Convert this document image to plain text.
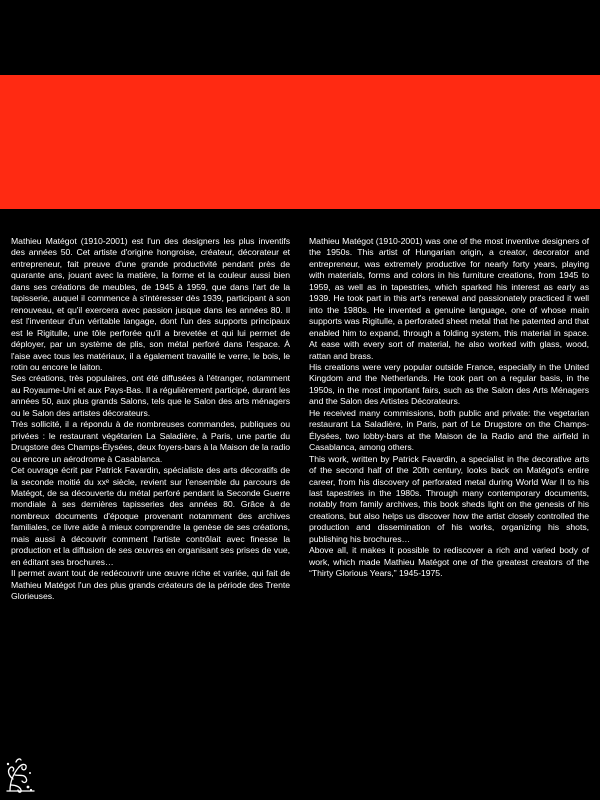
Mathieu Matégot (1910-2001) est l'un des designers les plus inventifs des années 50. Cet artiste d'origine hongroise, créateur, décorateur et entrepreneur, fait preuve d'une grande productivité pendant près de quarante ans, jouant avec la matière, la forme et la couleur aussi bien dans ses créations de meubles, de 1945 à 1959, que dans l'art de la tapisserie, auquel il commence à s'intéresser dès 1939, participant à son renouveau, et qu'il exercera avec passion jusque dans les années 80. Il est l'inventeur d'un véritable langage, dont l'un des supports principaux est le Rigitulle, une tôle perforée qu'il a brevetée et qui lui permet de déployer, par un système de plis, son métal perforé dans l'espace. À l'aise avec tous les matériaux, il a également travaillé le verre, le bois, le rotin ou encore le laiton.

Ses créations, très populaires, ont été diffusées à l'étranger, notamment au Royaume-Uni et aux Pays-Bas. Il a régulièrement participé, durant les années 50, aux plus grands Salons, tels que le Salon des arts ménagers ou le Salon des artistes décorateurs.

Très sollicité, il a répondu à de nombreuses commandes, publiques ou privées : le restaurant végétarien La Saladière, à Paris, une partie du Drugstore des Champs-Élysées, deux foyers-bars à la Maison de la radio ou encore un aérodrome à Casablanca.

Cet ouvrage écrit par Patrick Favardin, spécialiste des arts décoratifs de la seconde moitié du xxᵉ siècle, revient sur l'ensemble du parcours de Matégot, de sa découverte du métal perforé pendant la Seconde Guerre mondiale à ses dernières tapisseries des années 80. Grâce à de nombreux documents d'époque provenant notamment des archives familiales, ce livre aide à mieux comprendre la genèse de ses créations, mais aussi à découvrir comment l'artiste contrôlait avec finesse la production et la diffusion de ses œuvres en organisant ses prises de vue, en éditant ses brochures…

Il permet avant tout de redécouvrir une œuvre riche et variée, qui fait de Mathieu Matégot l'un des plus grands créateurs de la période des Trente Glorieuses.

Mathieu Matégot (1910-2001) was one of the most inventive designers of the 1950s. This artist of Hungarian origin, a creator, decorator and entrepreneur, was extremely productive for nearly forty years, playing with materials, forms and colors in his furniture creations, from 1945 to 1959, as well as in tapestries, which sparked his interest as early as 1939. He took part in this art's renewal and passionately practiced it well into the 1980s. He invented a genuine language, one of whose main supports was Rigitulle, a perforated sheet metal that he patented and that enabled him to expand, through a folding system, this material in space. At ease with every sort of material, he also worked with glass, wood, rattan and brass.

His creations were very popular outside France, especially in the United Kingdom and the Netherlands. He took part on a regular basis, in the 1950s, in the most important fairs, such as the Salon des Arts Ménagers and the Salon des Artistes Décorateurs.

He received many commissions, both public and private: the vegetarian restaurant La Saladière, in Paris, part of Le Drugstore on the Champs-Élysées, two lobby-bars at the Maison de la Radio and the airfield in Casablanca, among others.

This work, written by Patrick Favardin, a specialist in the decorative arts of the second half of the 20th century, looks back on Matégot's entire career, from his discovery of perforated metal during World War II to his last tapestries in the 1980s. Through many contemporary documents, notably from family archives, this book sheds light on the genesis of his creations, but also helps us discover how the artist closely controlled the production and dissemination of his works, organizing his shots, publishing his brochures…

Above all, it makes it possible to rediscover a rich and varied body of work, which made Mathieu Matégot one of the greatest creators of the “Thirty Glorious Years,” 1945-1975.
